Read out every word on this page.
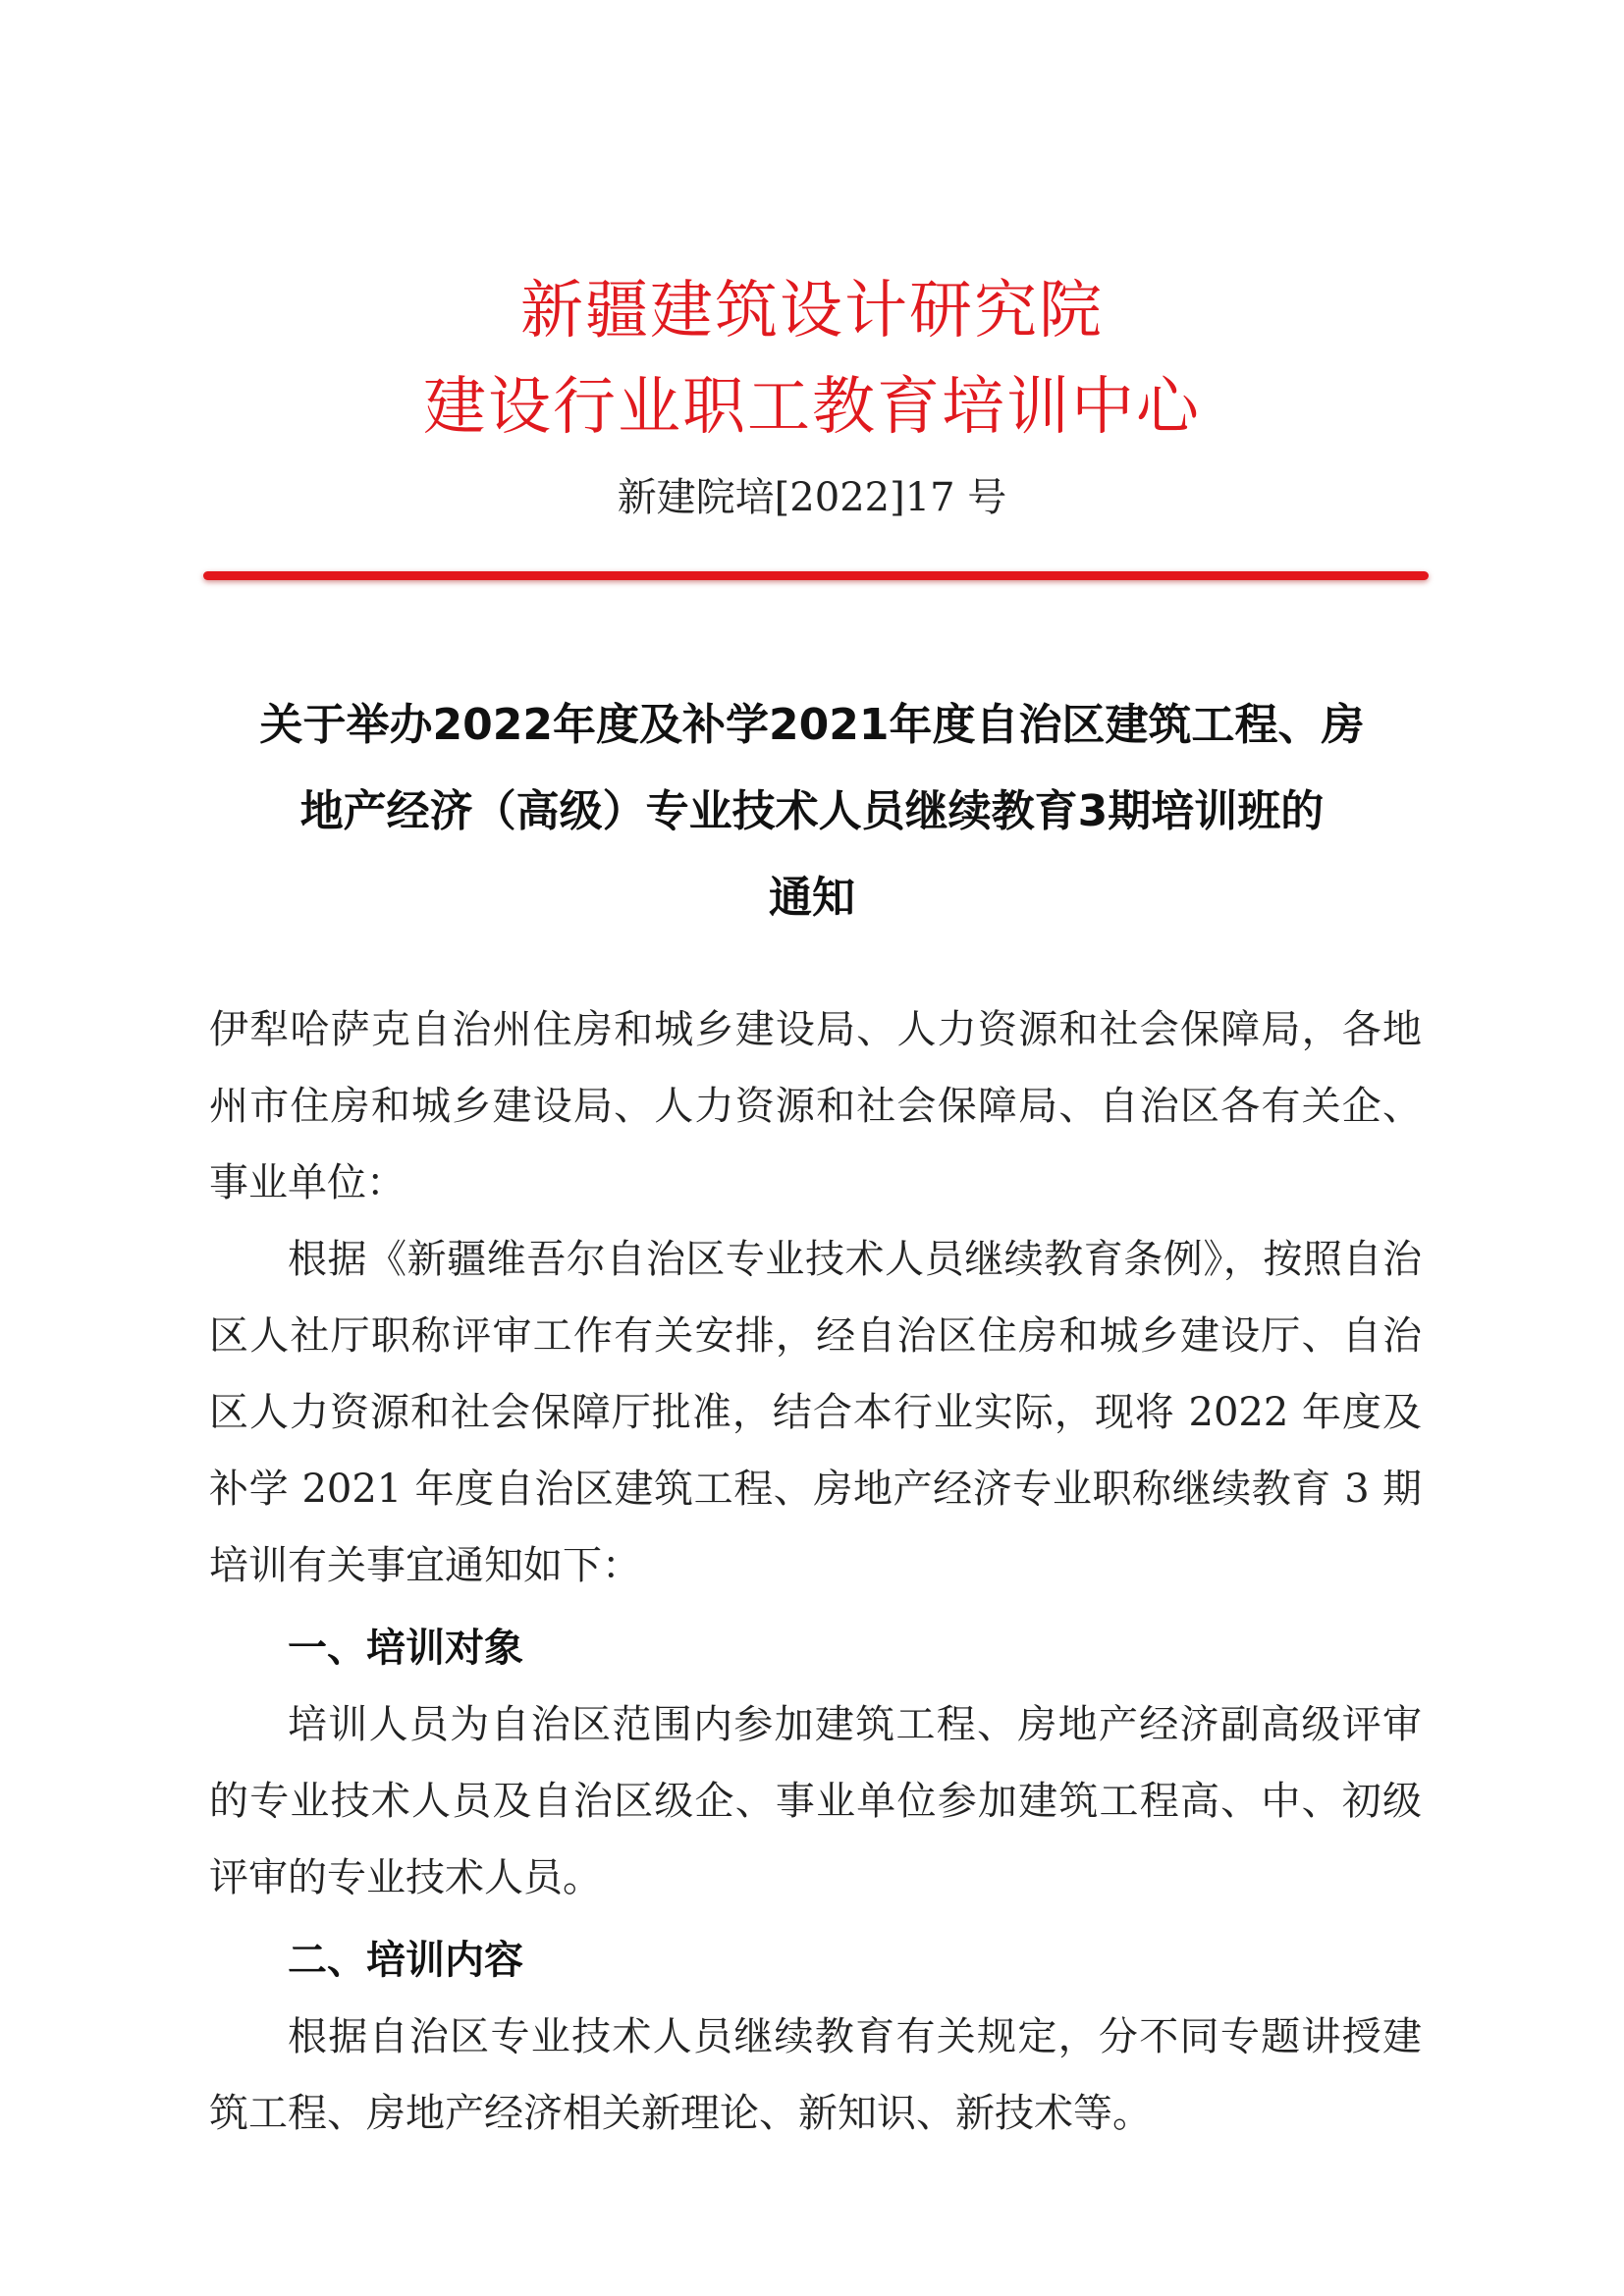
新疆建筑设计研究院
建设行业职工教育培训中心
新建院培[2022]17 号
关于举办2022年度及补学2021年度自治区建筑工程、房
地产经济（高级）专业技术人员继续教育3期培训班的
通知
伊犁哈萨克自治州住房和城乡建设局、人力资源和社会保障局，各地州市住房和城乡建设局、人力资源和社会保障局、自治区各有关企、事业单位：
根据《新疆维吾尔自治区专业技术人员继续教育条例》，按照自治区人社厅职称评审工作有关安排，经自治区住房和城乡建设厅、自治区人力资源和社会保障厅批准，结合本行业实际，现将 2022 年度及补学 2021 年度自治区建筑工程、房地产经济专业职称继续教育 3 期培训有关事宜通知如下：
一、培训对象
培训人员为自治区范围内参加建筑工程、房地产经济副高级评审的专业技术人员及自治区级企、事业单位参加建筑工程高、中、初级评审的专业技术人员。
二、培训内容
根据自治区专业技术人员继续教育有关规定，分不同专题讲授建筑工程、房地产经济相关新理论、新知识、新技术等。
